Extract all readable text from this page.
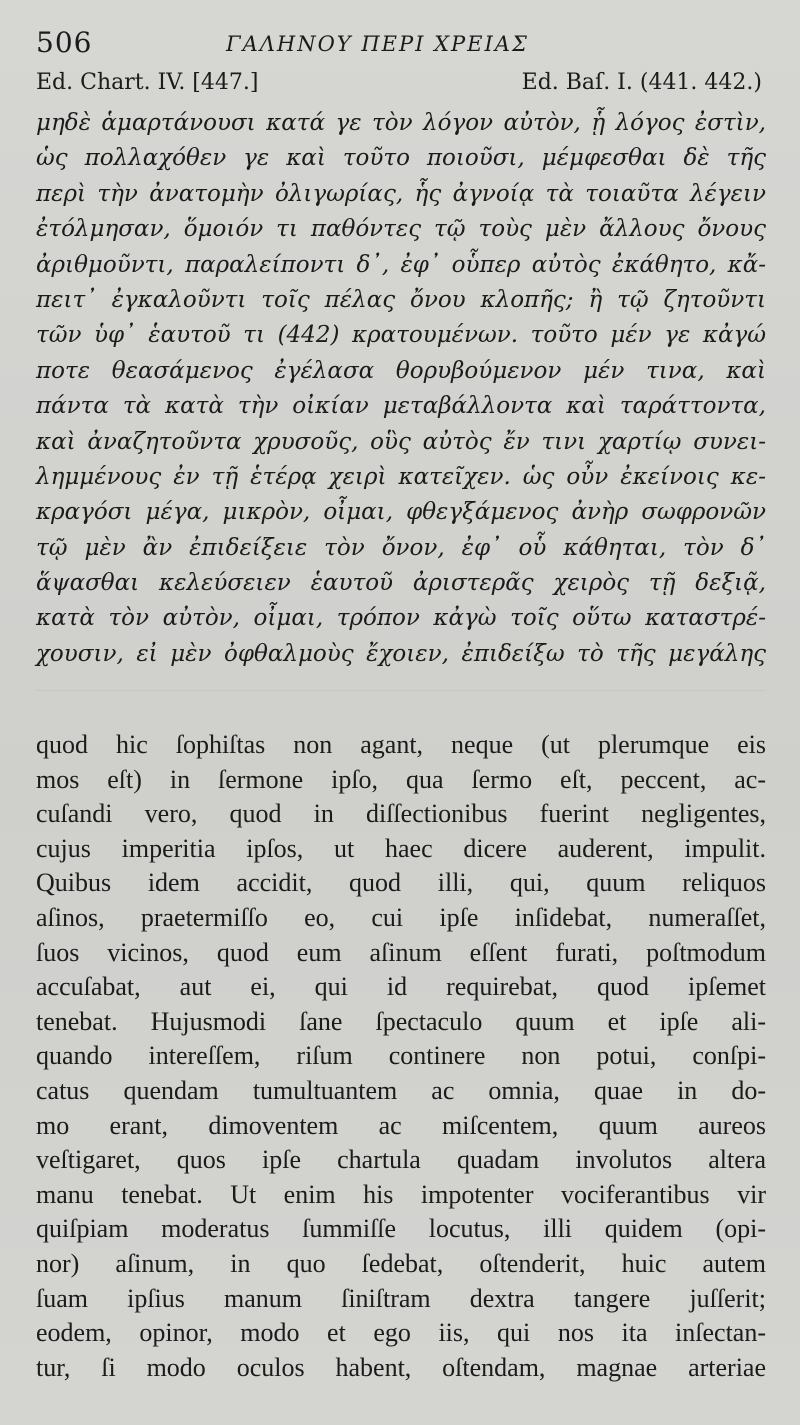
506	ΓΑΛΗΝΟΥ ΠΕΡΙ ΧΡΕΙΑΣ
Ed. Chart. IV. [447.]	Ed. Baſ. I. (441. 442.)
μηδὲ ἁμαρτάνουσι κατά γε τὸν λόγον αὐτὸν, ᾗ λόγος ἐστὶν,
ὡς πολλαχόθεν γε καὶ τοῦτο ποιοῦσι, μέμφεσθαι δὲ τῆς
περὶ τὴν ἀνατομὴν ὀλιγωρίας, ἧς ἀγνοίᾳ τὰ τοιαῦτα λέγειν
ἐτόλμησαν, ὅμοιόν τι παθόντες τῷ τοὺς μὲν ἄλλους ὄνους
ἀριθμοῦντι, παραλείποντι δ᾽, ἐφ᾽ οὗπερ αὐτὸς ἐκάθητο, κἄ-
πειτ᾽ ἐγκαλοῦντι τοῖς πέλας ὄνου κλοπῆς; ἢ τῷ ζητοῦντι
τῶν ὑφ᾽ ἑαυτοῦ τι (442) κρατουμένων. τοῦτο μέν γε κἀγώ
ποτε θεασάμενος ἐγέλασα θορυβούμενον μέν τινα, καὶ
πάντα τὰ κατὰ τὴν οἰκίαν μεταβάλλοντα καὶ ταράττοντα,
καὶ ἀναζητοῦντα χρυσοῦς, οὓς αὐτὸς ἔν τινι χαρτίῳ συνει-
λημμένους ἐν τῇ ἑτέρᾳ χειρὶ κατεῖχεν. ὡς οὖν ἐκείνοις κε-
κραγόσι μέγα, μικρὸν, οἶμαι, φθεγξάμενος ἀνὴρ σωφρονῶν
τῷ μὲν ἂν ἐπιδείξειε τὸν ὄνον, ἐφ᾽ οὗ κάθηται, τὸν δ᾽
ἅψασθαι κελεύσειεν ἑαυτοῦ ἀριστερᾶς χειρὸς τῇ δεξιᾷ,
κατὰ τὸν αὐτὸν, οἶμαι, τρόπον κἀγὼ τοῖς οὕτω καταστρέ-
χουσιν, εἰ μὲν ὀφθαλμοὺς ἔχοιεν, ἐπιδείξω τὸ τῆς μεγάλης
quod hic ſophiſtas non agant, neque (ut plerumque eis
mos eſt) in ſermone ipſo, qua ſermo eſt, peccent, ac-
cuſandi vero, quod in diſſectionibus fuerint negligentes,
cujus imperitia ipſos, ut haec dicere auderent, impulit.
Quibus idem accidit, quod illi, qui, quum reliquos
aſinos, praetermiſſo eo, cui ipſe inſidebat, numeraſſet,
ſuos vicinos, quod eum aſinum eſſent furati, poſtmodum
accuſabat, aut ei, qui id requirebat, quod ipſemet
tenebat. Hujusmodi ſane ſpectaculo quum et ipſe ali-
quando intereſſem, riſum continere non potui, conſpi-
catus quendam tumultuantem ac omnia, quae in do-
mo erant, dimoventem ac miſcentem, quum aureos
veſtigaret, quos ipſe chartula quadam involutos altera
manu tenebat. Ut enim his impotenter vociferantibus vir
quiſpiam moderatus ſummiſſe locutus, illi quidem (opi-
nor) aſinum, in quo ſedebat, oſtenderit, huic autem
ſuam ipſius manum ſiniſtram dextra tangere juſſerit;
eodem, opinor, modo et ego iis, qui nos ita inſectan-
tur, ſi modo oculos habent, oſtendam, magnae arteriae
